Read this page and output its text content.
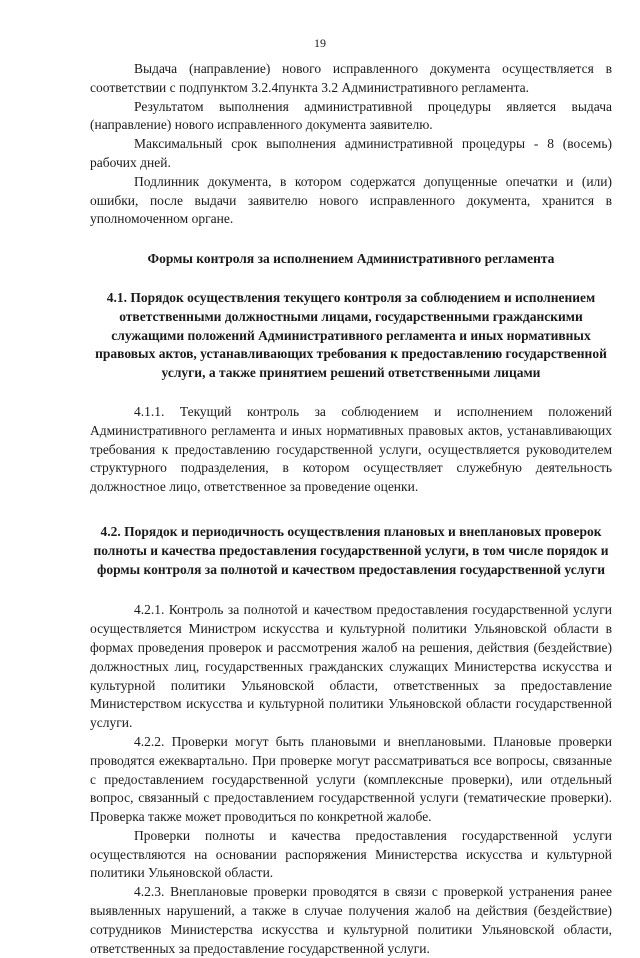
19

Выдача (направление) нового исправленного документа осуществляется в соответствии с подпунктом 3.2.4пункта 3.2 Административного регламента.

Результатом выполнения административной процедуры является выдача (направление) нового исправленного документа заявителю.

Максимальный срок выполнения административной процедуры - 8 (восемь) рабочих дней.

Подлинник документа, в котором содержатся допущенные опечатки и (или) ошибки, после выдачи заявителю нового исправленного документа, хранится в уполномоченном органе.

Формы контроля за исполнением Административного регламента
4.1. Порядок осуществления текущего контроля за соблюдением и исполнением ответственными должностными лицами, государственными гражданскими служащими положений Административного регламента и иных нормативных правовых актов, устанавливающих требования к предоставлению государственной услуги, а также принятием решений ответственными лицами

4.1.1. Текущий контроль за соблюдением и исполнением положений Административного регламента и иных нормативных правовых актов, устанавливающих требования к предоставлению государственной услуги, осуществляется руководителем структурного подразделения, в котором осуществляет служебную деятельность должностное лицо, ответственное за проведение оценки.

4.2. Порядок и периодичность осуществления плановых и внеплановых проверок полноты и качества предоставления государственной услуги, в том числе порядок и формы контроля за полнотой и качеством предоставления государственной услуги

4.2.1. Контроль за полнотой и качеством предоставления государственной услуги осуществляется Министром искусства и культурной политики Ульяновской области в формах проведения проверок и рассмотрения жалоб на решения, действия (бездействие) должностных лиц, государственных гражданских служащих Министерства искусства и культурной политики Ульяновской области, ответственных за предоставление Министерством искусства и культурной политики Ульяновской области государственной услуги.

4.2.2. Проверки могут быть плановыми и внеплановыми. Плановые проверки проводятся ежеквартально. При проверке могут рассматриваться все вопросы, связанные с предоставлением государственной услуги (комплексные проверки), или отдельный вопрос, связанный с предоставлением государственной услуги (тематические проверки). Проверка также может проводиться по конкретной жалобе.

Проверки полноты и качества предоставления государственной услуги осуществляются на основании распоряжения Министерства искусства и культурной политики Ульяновской области.

4.2.3. Внеплановые проверки проводятся в связи с проверкой устранения ранее выявленных нарушений, а также в случае получения жалоб на действия (бездействие) сотрудников Министерства искусства и культурной политики Ульяновской области, ответственных за предоставление государственной услуги.
